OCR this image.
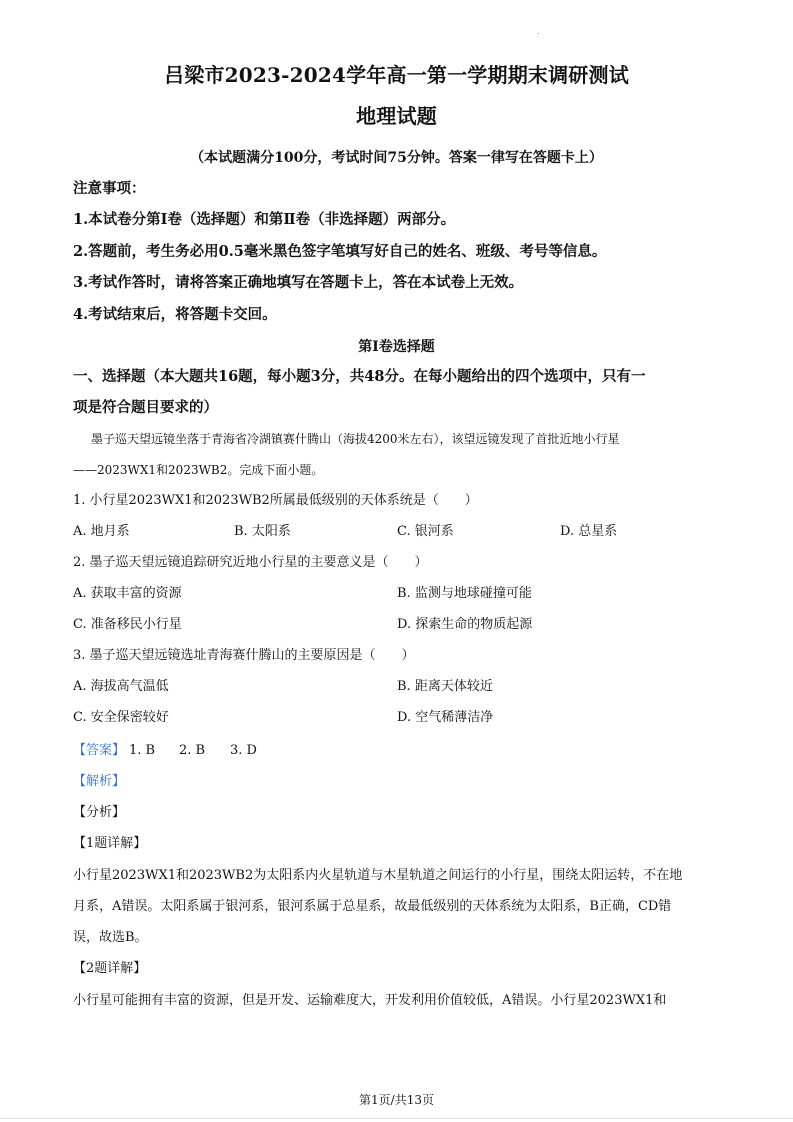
吕梁市2023-2024学年高一第一学期期末调研测试
地理试题
（本试题满分100分，考试时间75分钟。答案一律写在答题卡上）
注意事项：
1.本试卷分第Ⅰ卷（选择题）和第Ⅱ卷（非选择题）两部分。
2.答题前，考生务必用0.5毫米黑色签字笔填写好自己的姓名、班级、考号等信息。
3.考试作答时，请将答案正确地填写在答题卡上，答在本试卷上无效。
4.考试结束后，将答题卡交回。
第Ⅰ卷选择题
一、选择题（本大题共16题，每小题3分，共48分。在每小题给出的四个选项中，只有一
项是符合题目要求的）
墨子巡天望远镜坐落于青海省冷湖镇赛什腾山（海拔4200米左右），该望远镜发现了首批近地小行星
——2023WX1和2023WB2。完成下面小题。
1. 小行星2023WX1和2023WB2所属最低级别的天体系统是（　　）
A. 地月系	B. 太阳系	C. 银河系	D. 总星系
2. 墨子巡天望远镜追踪研究近地小行星的主要意义是（　　）
A. 获取丰富的资源	B. 监测与地球碰撞可能
C. 准备移民小行星	D. 探索生命的物质起源
3. 墨子巡天望远镜选址青海赛什腾山的主要原因是（　　）
A. 海拔高气温低	B. 距离天体较近
C. 安全保密较好	D. 空气稀薄洁净
【答案】 1. B 2. B 3. D
【解析】
【分析】
【1题详解】
小行星2023WX1和2023WB2为太阳系内火星轨道与木星轨道之间运行的小行星，围绕太阳运转，不在地
月系，A错误。太阳系属于银河系，银河系属于总星系，故最低级别的天体系统为太阳系，B正确，CD错
误，故选B。
【2题详解】
小行星可能拥有丰富的资源，但是开发、运输难度大，开发利用价值较低，A错误。小行星2023WX1和
第1页/共13页
